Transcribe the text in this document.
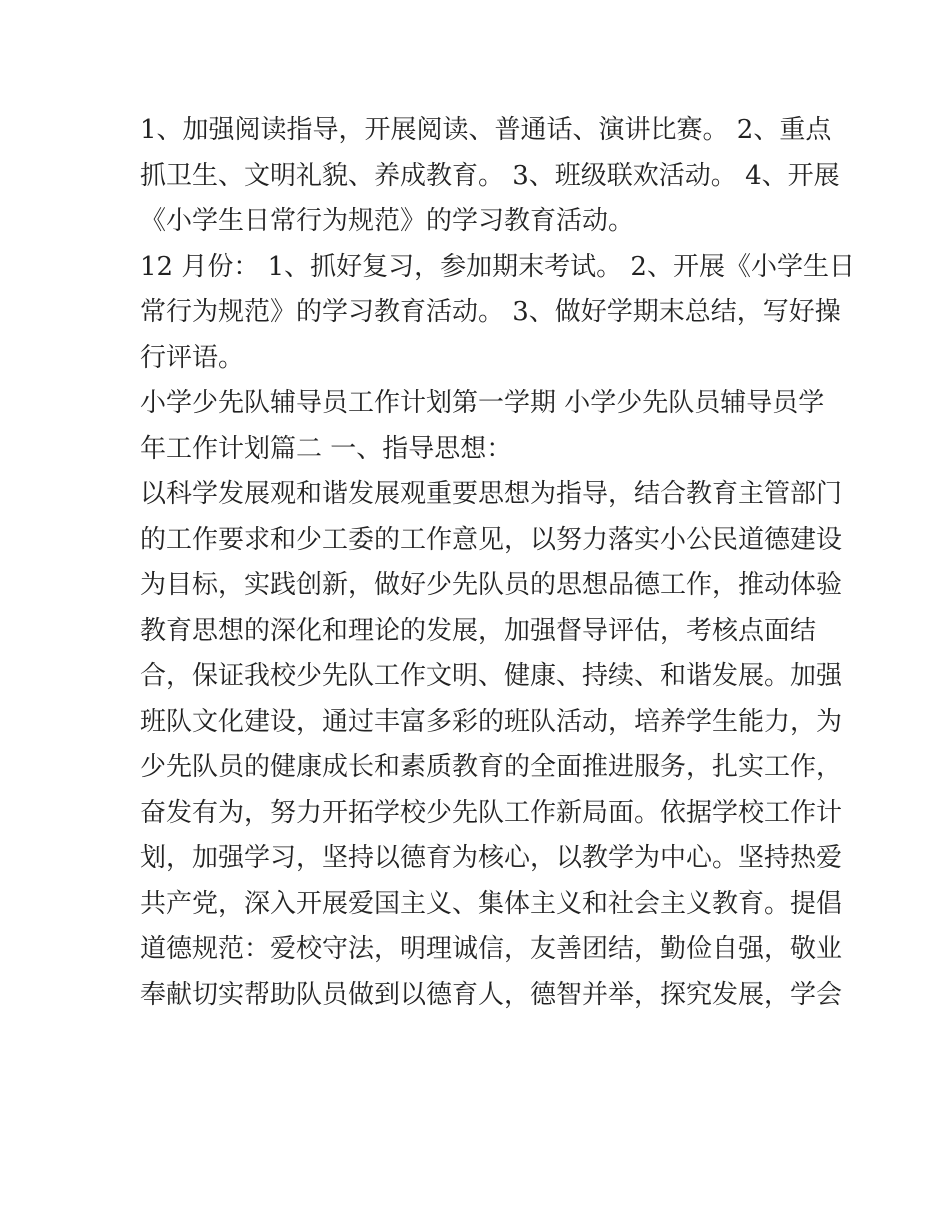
1、加强阅读指导，开展阅读、普通话、演讲比赛。 2、重点
抓卫生、文明礼貌、养成教育。 3、班级联欢活动。 4、开展
《小学生日常行为规范》的学习教育活动。
12 月份： 1、抓好复习，参加期末考试。 2、开展《小学生日
常行为规范》的学习教育活动。 3、做好学期末总结，写好操
行评语。
小学少先队辅导员工作计划第一学期 小学少先队员辅导员学
年工作计划篇二 一、指导思想：
以科学发展观和谐发展观重要思想为指导，结合教育主管部门
的工作要求和少工委的工作意见，以努力落实小公民道德建设
为目标，实践创新，做好少先队员的思想品德工作，推动体验
教育思想的深化和理论的发展，加强督导评估，考核点面结
合，保证我校少先队工作文明、健康、持续、和谐发展。加强
班队文化建设，通过丰富多彩的班队活动，培养学生能力，为
少先队员的健康成长和素质教育的全面推进服务，扎实工作，
奋发有为，努力开拓学校少先队工作新局面。依据学校工作计
划，加强学习，坚持以德育为核心，以教学为中心。坚持热爱
共产党，深入开展爱国主义、集体主义和社会主义教育。提倡
道德规范：爱校守法，明理诚信，友善团结，勤俭自强，敬业
奉献切实帮助队员做到以德育人，德智并举，探究发展，学会
